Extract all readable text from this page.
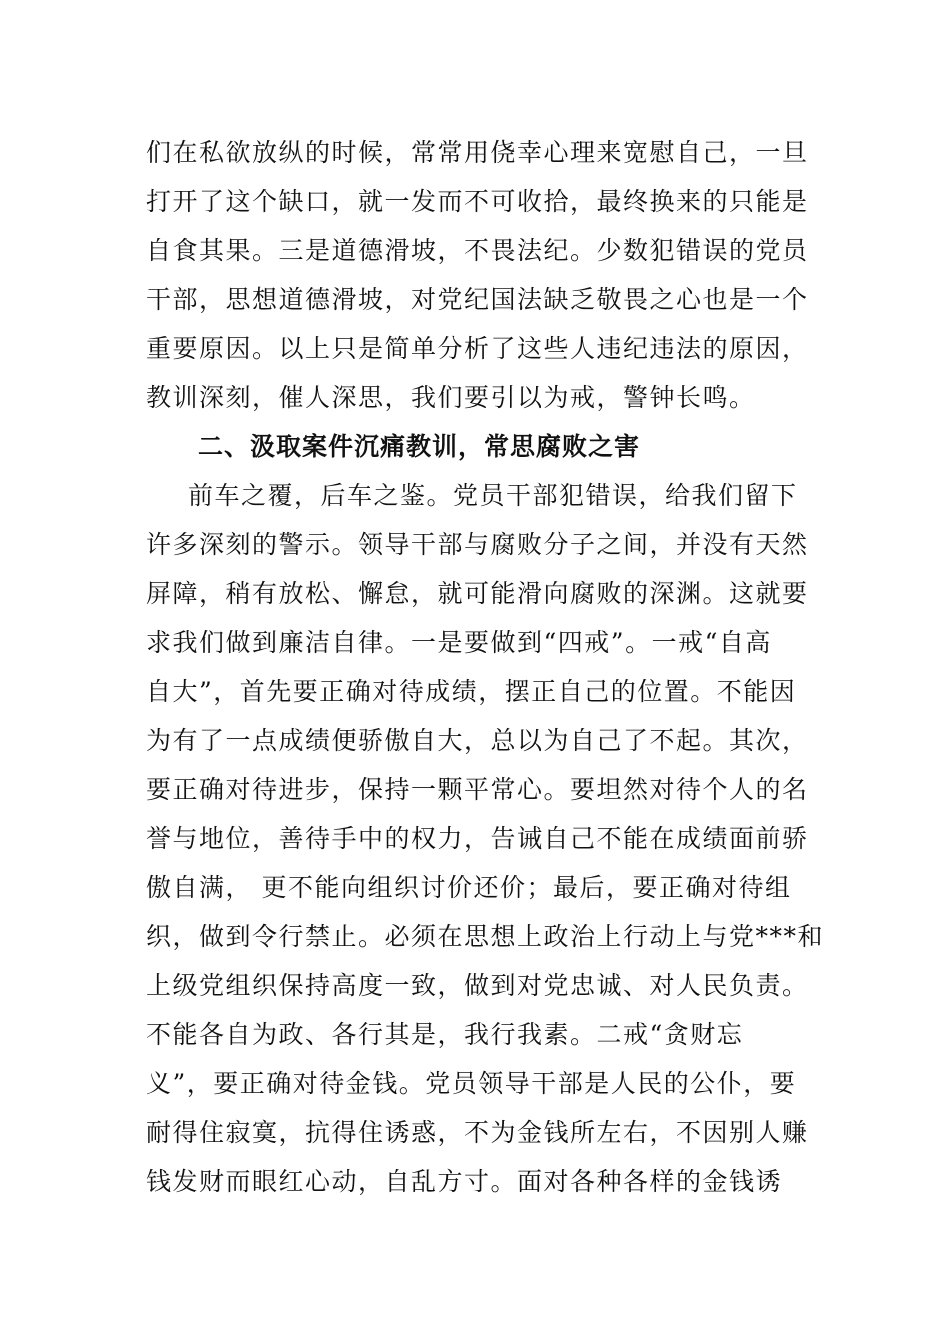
们在私欲放纵的时候，常常用侥幸心理来宽慰自己，一旦
打开了这个缺口，就一发而不可收拾，最终换来的只能是
自食其果。三是道德滑坡，不畏法纪。少数犯错误的党员
干部，思想道德滑坡，对党纪国法缺乏敬畏之心也是一个
重要原因。以上只是简单分析了这些人违纪违法的原因，
教训深刻，催人深思，我们要引以为戒，警钟长鸣。
二、汲取案件沉痛教训，常思腐败之害
前车之覆，后车之鉴。党员干部犯错误，给我们留下
许多深刻的警示。领导干部与腐败分子之间，并没有天然
屏障，稍有放松、懈怠，就可能滑向腐败的深渊。这就要
求我们做到廉洁自律。一是要做到“四戒”。一戒“自高
自大”，首先要正确对待成绩，摆正自己的位置。不能因
为有了一点成绩便骄傲自大，总以为自己了不起。其次，
要正确对待进步，保持一颗平常心。要坦然对待个人的名
誉与地位，善待手中的权力，告诫自己不能在成绩面前骄
傲自满， 更不能向组织讨价还价；最后，要正确对待组
织，做到令行禁止。必须在思想上政治上行动上与党***和
上级党组织保持高度一致，做到对党忠诚、对人民负责。
不能各自为政、各行其是，我行我素。二戒“贪财忘
义”，要正确对待金钱。党员领导干部是人民的公仆，要
耐得住寂寞，抗得住诱惑，不为金钱所左右，不因别人赚
钱发财而眼红心动，自乱方寸。面对各种各样的金钱诱
